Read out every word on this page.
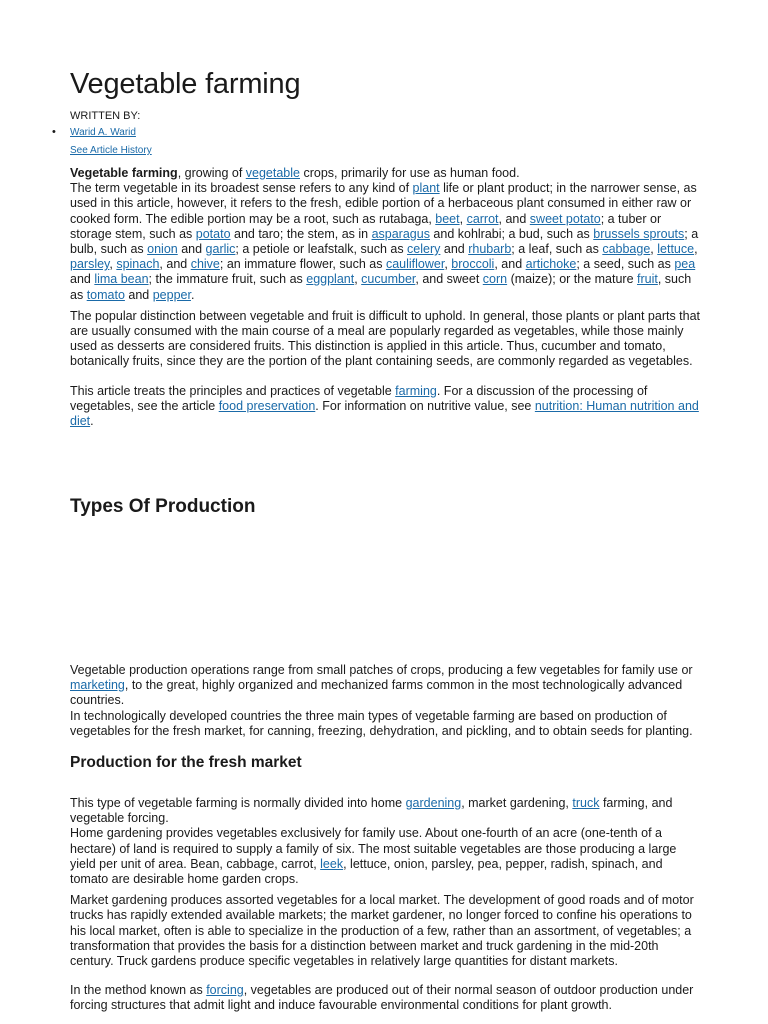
Vegetable farming
WRITTEN BY:
• Warid A. Warid
See Article History

Vegetable farming, growing of vegetable crops, primarily for use as human food.

The term vegetable in its broadest sense refers to any kind of plant life or plant product; in the narrower sense, as used in this article, however, it refers to the fresh, edible portion of a herbaceous plant consumed in either raw or cooked form. The edible portion may be a root, such as rutabaga, beet, carrot, and sweet potato; a tuber or storage stem, such as potato and taro; the stem, as in asparagus and kohlrabi; a bud, such as brussels sprouts; a bulb, such as onion and garlic; a petiole or leafstalk, such as celery and rhubarb; a leaf, such as cabbage, lettuce, parsley, spinach, and chive; an immature flower, such as cauliflower, broccoli, and artichoke; a seed, such as pea and lima bean; the immature fruit, such as eggplant, cucumber, and sweet corn (maize); or the mature fruit, such as tomato and pepper.

The popular distinction between vegetable and fruit is difficult to uphold. In general, those plants or plant parts that are usually consumed with the main course of a meal are popularly regarded as vegetables, while those mainly used as desserts are considered fruits. This distinction is applied in this article. Thus, cucumber and tomato, botanically fruits, since they are the portion of the plant containing seeds, are commonly regarded as vegetables.

This article treats the principles and practices of vegetable farming. For a discussion of the processing of vegetables, see the article food preservation. For information on nutritive value, see nutrition: Human nutrition and diet.

Types Of Production

Vegetable production operations range from small patches of crops, producing a few vegetables for family use or marketing, to the great, highly organized and mechanized farms common in the most technologically advanced countries.

In technologically developed countries the three main types of vegetable farming are based on production of vegetables for the fresh market, for canning, freezing, dehydration, and pickling, and to obtain seeds for planting.

Production for the fresh market

This type of vegetable farming is normally divided into home gardening, market gardening, truck farming, and vegetable forcing.

Home gardening provides vegetables exclusively for family use. About one-fourth of an acre (one-tenth of a hectare) of land is required to supply a family of six. The most suitable vegetables are those producing a large yield per unit of area. Bean, cabbage, carrot, leek, lettuce, onion, parsley, pea, pepper, radish, spinach, and tomato are desirable home garden crops.

Market gardening produces assorted vegetables for a local market. The development of good roads and of motor trucks has rapidly extended available markets; the market gardener, no longer forced to confine his operations to his local market, often is able to specialize in the production of a few, rather than an assortment, of vegetables; a transformation that provides the basis for a distinction between market and truck gardening in the mid-20th century. Truck gardens produce specific vegetables in relatively large quantities for distant markets.

In the method known as forcing, vegetables are produced out of their normal season of outdoor production under forcing structures that admit light and induce favourable environmental conditions for plant growth.
